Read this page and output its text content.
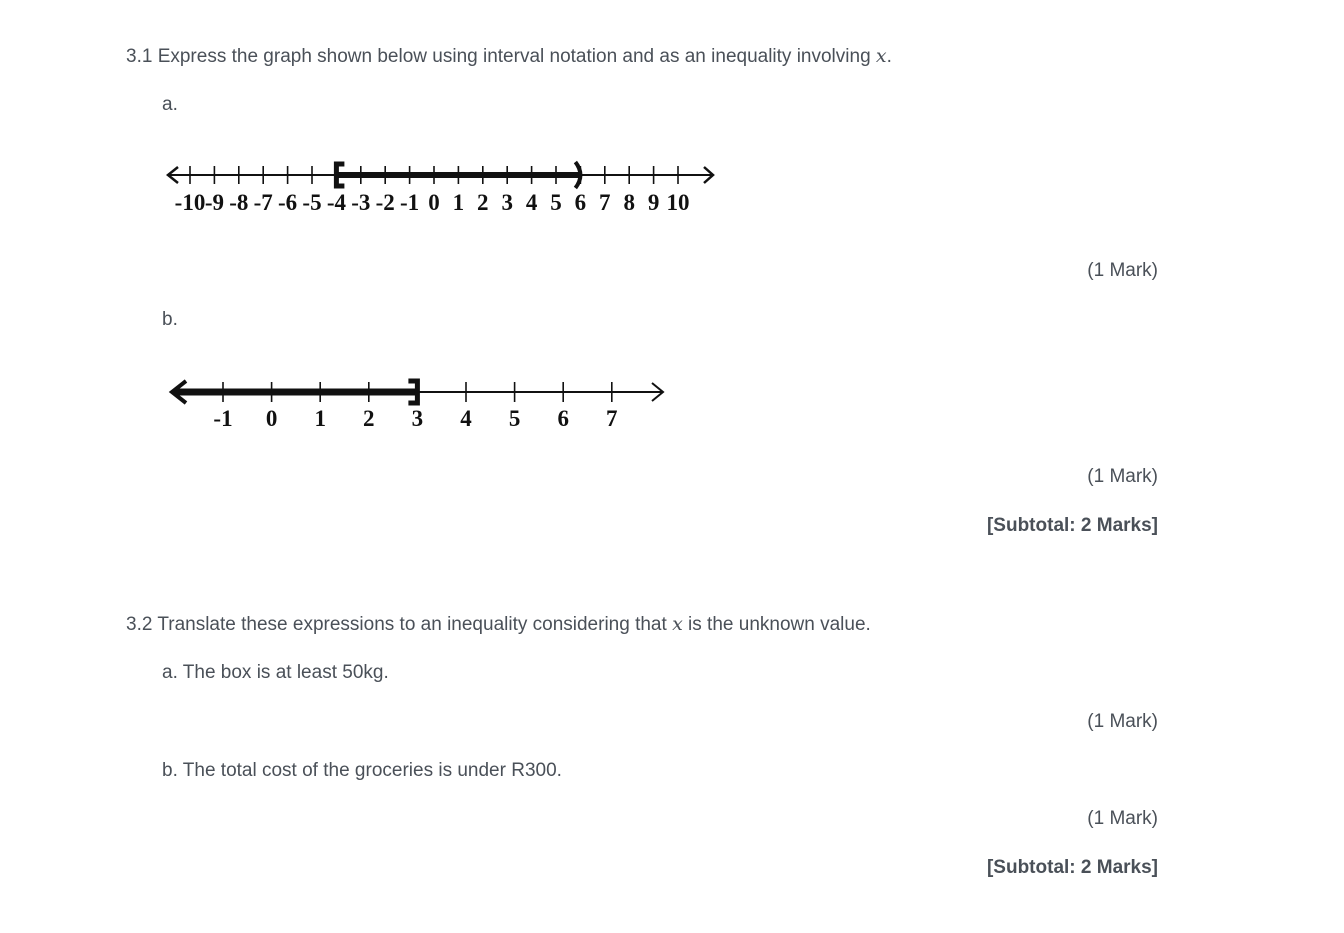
3.1 Express the graph shown below using interval notation and as an inequality involving x.
a.
-10 -9 -8 -7 -6 -5 -4 -3 -2 -1 0 1 2 3 4 5 6 7 8 9 10
(1 Mark)
b.
-1 0 1 2 3 4 5 6 7
(1 Mark)
[Subtotal: 2 Marks]
3.2 Translate these expressions to an inequality considering that x is the unknown value.
a. The box is at least 50kg.
(1 Mark)
b. The total cost of the groceries is under R300.
(1 Mark)
[Subtotal: 2 Marks]
